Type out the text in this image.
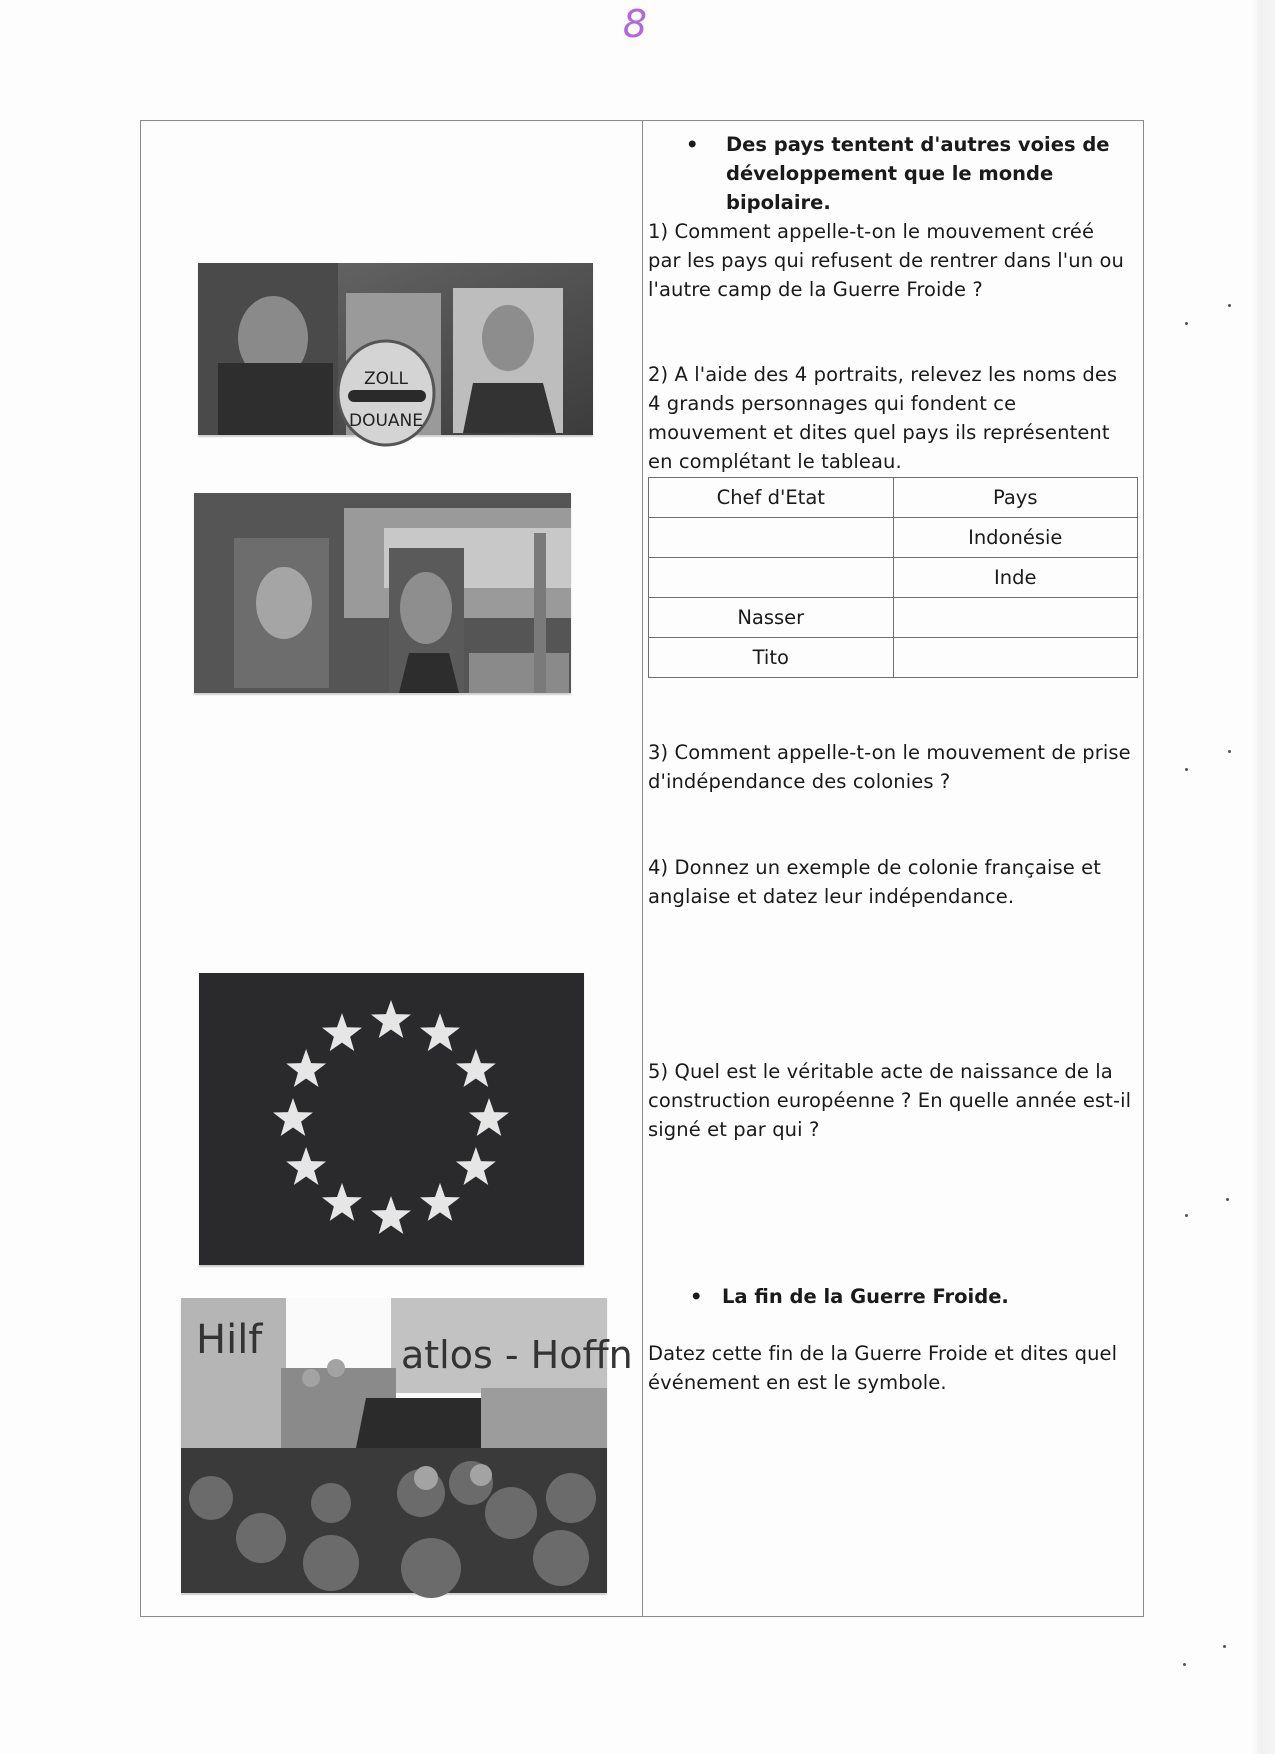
8
ZOLL
DOUANE
Hilf	atlos - Hoffn
• Des pays tentent d'autres voies de développement que le monde bipolaire.
1) Comment appelle-t-on le mouvement créé par les pays qui refusent de rentrer dans l'un ou l'autre camp de la Guerre Froide ?
2) A l'aide des 4 portraits, relevez les noms des 4 grands personnages qui fondent ce mouvement et dites quel pays ils représentent en complétant le tableau.
Chef d'Etat	Pays
	Indonésie
	Inde
Nasser	
Tito	
3) Comment appelle-t-on le mouvement de prise d'indépendance des colonies ?
4) Donnez un exemple de colonie française et anglaise et datez leur indépendance.
5) Quel est le véritable acte de naissance de la construction européenne ? En quelle année est-il signé et par qui ?
• La fin de la Guerre Froide.
Datez cette fin de la Guerre Froide et dites quel événement en est le symbole.
